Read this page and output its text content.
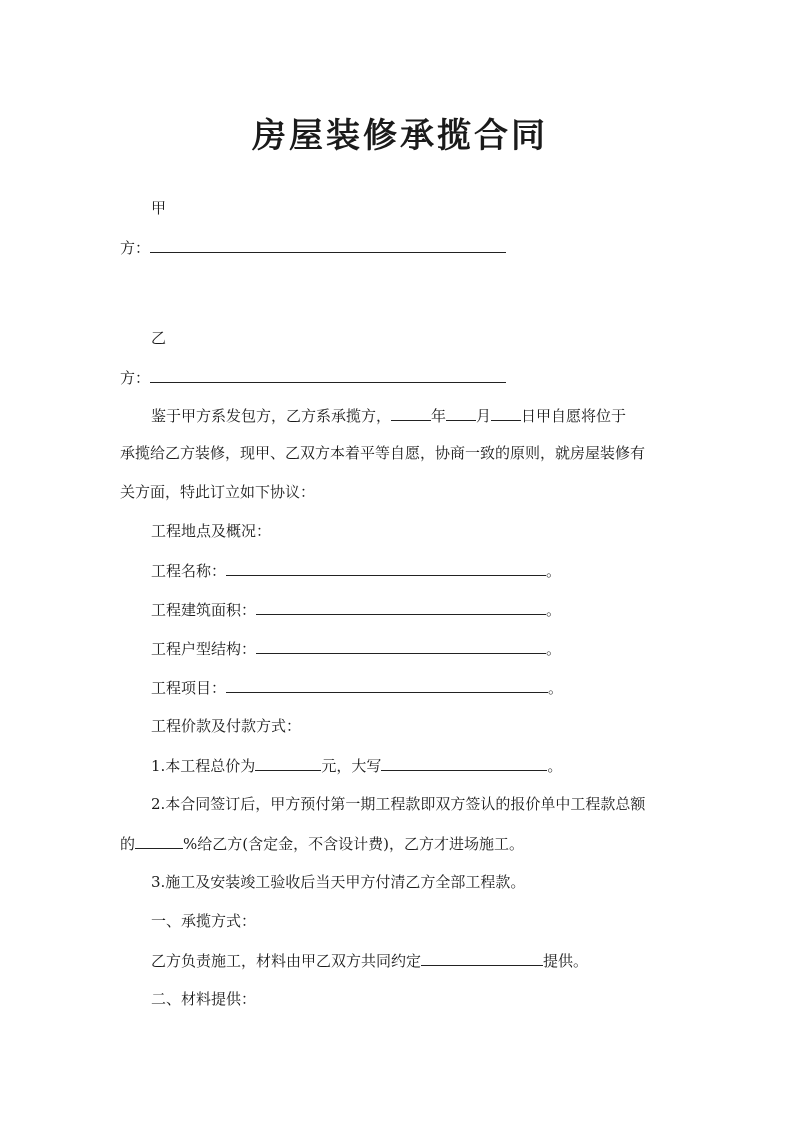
房屋装修承揽合同
甲
方：
乙
方：
鉴于甲方系发包方，乙方系承揽方，	年 月 日甲自愿将位于
承揽给乙方装修，现甲、乙双方本着平等自愿，协商一致的原则，就房屋装修有
关方面，特此订立如下协议：
工程地点及概况：
工程名称：	。
工程建筑面积：	。
工程户型结构：	。
工程项目：	。
工程价款及付款方式：
1.本工程总价为	元，大写	。
2.本合同签订后，甲方预付第一期工程款即双方签认的报价单中工程款总额
的	%给乙方(含定金，不含设计费)，乙方才进场施工。
3.施工及安装竣工验收后当天甲方付清乙方全部工程款。
一、承揽方式：
乙方负责施工，材料由甲乙双方共同约定	提供。
二、材料提供：
